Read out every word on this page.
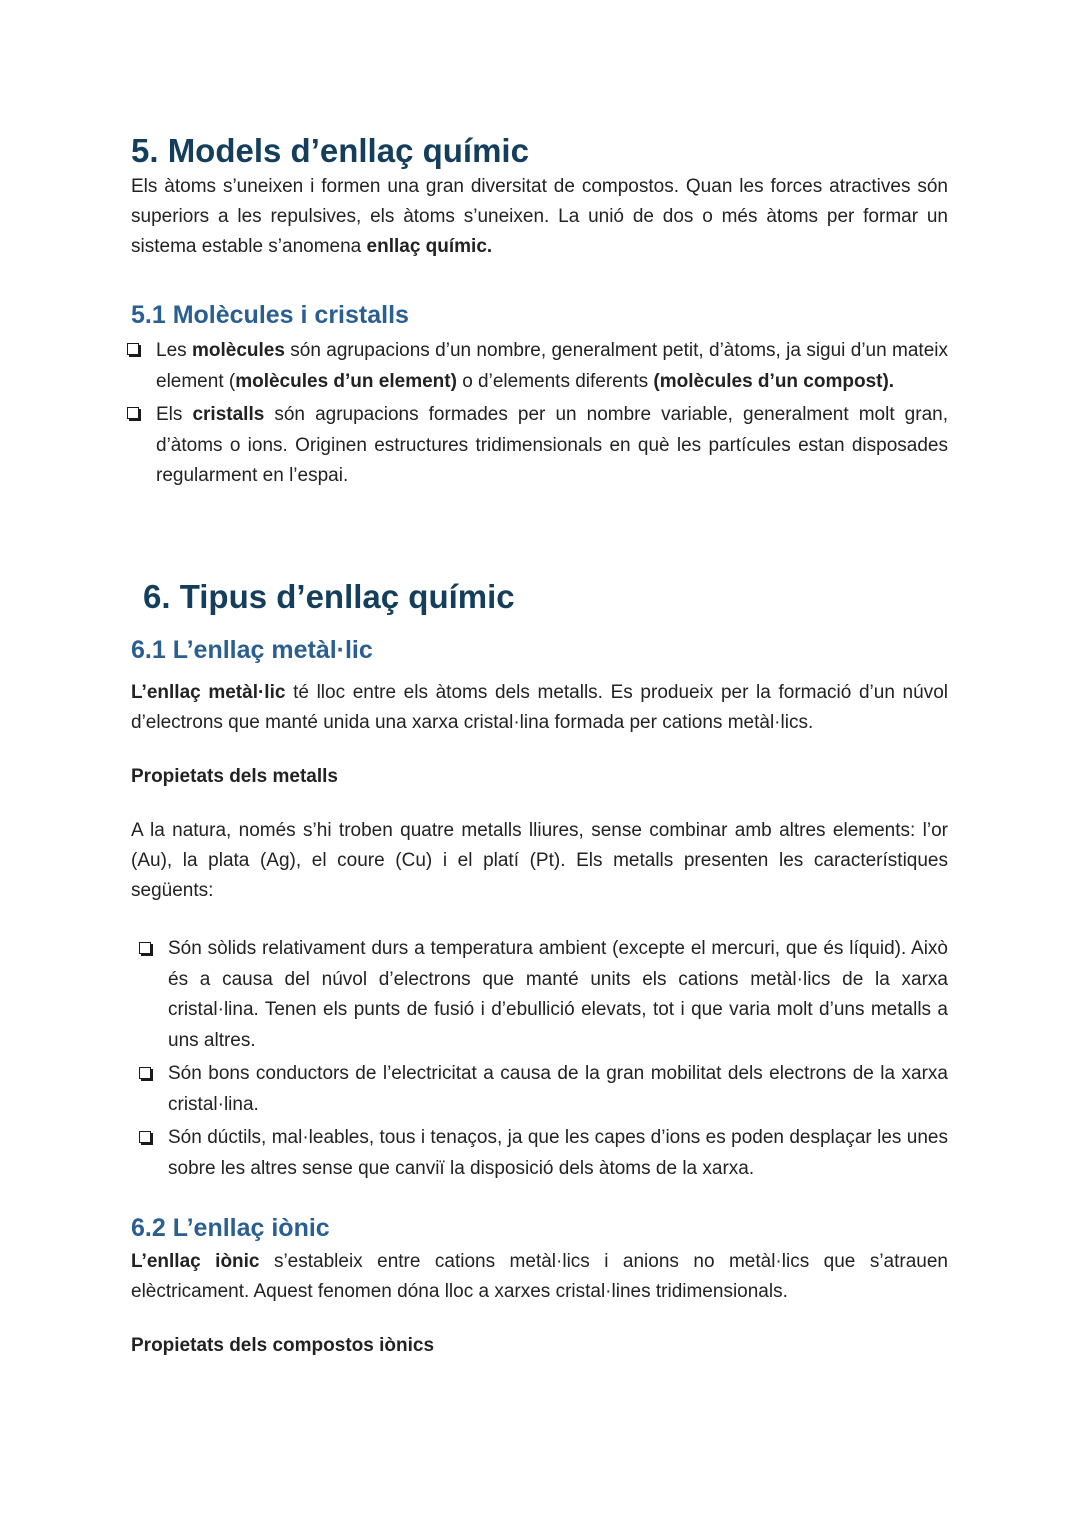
5. Models d’enllaç químic

Els àtoms s’uneixen i formen una gran diversitat de compostos. Quan les forces atractives són superiors a les repulsives, els àtoms s’uneixen. La unió de dos o més àtoms per formar un sistema estable s’anomena enllaç químic.

5.1 Molècules i cristalls
Les molècules són agrupacions d’un nombre, generalment petit, d’àtoms, ja sigui d’un mateix element (molècules d’un element) o d’elements diferents (molècules d’un compost).
Els cristalls són agrupacions formades per un nombre variable, generalment molt gran, d’àtoms o ions. Originen estructures tridimensionals en què les partícules estan disposades regularment en l’espai.
6. Tipus d’enllaç químic
6.1 L’enllaç metàl·lic

L’enllaç metàl·lic té lloc entre els àtoms dels metalls. Es produeix per la formació d’un núvol d’electrons que manté unida una xarxa cristal·lina formada per cations metàl·lics.

Propietats dels metalls

A la natura, només s’hi troben quatre metalls lliures, sense combinar amb altres elements: l’or (Au), la plata (Ag), el coure (Cu) i el platí (Pt). Els metalls presenten les característiques següents:

Són sòlids relativament durs a temperatura ambient (excepte el mercuri, que és líquid). Això és a causa del núvol d’electrons que manté units els cations metàl·lics de la xarxa cristal·lina. Tenen els punts de fusió i d’ebullició elevats, tot i que varia molt d’uns metalls a uns altres.
Són bons conductors de l’electricitat a causa de la gran mobilitat dels electrons de la xarxa cristal·lina.
Són dúctils, mal·leables, tous i tenaços, ja que les capes d’ions es poden desplaçar les unes sobre les altres sense que canviï la disposició dels àtoms de la xarxa.
6.2 L’enllaç iònic

L’enllaç iònic s’estableix entre cations metàl·lics i anions no metàl·lics que s’atrauen elèctricament. Aquest fenomen dóna lloc a xarxes cristal·lines tridimensionals.

Propietats dels compostos iònics
